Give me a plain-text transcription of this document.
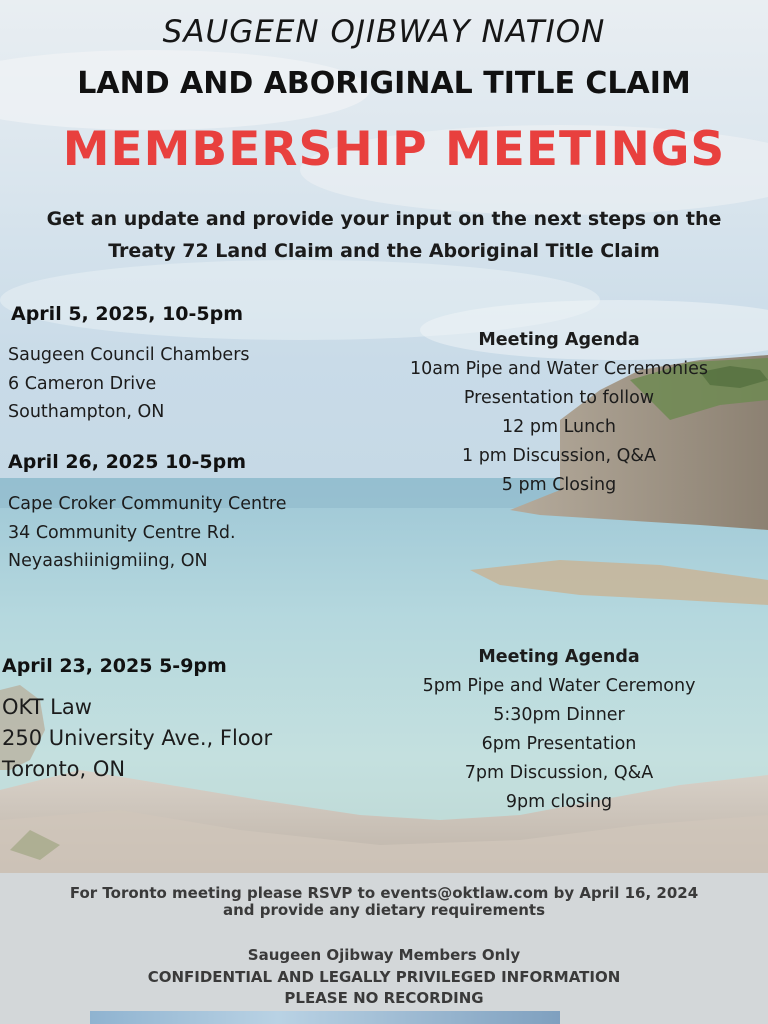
SAUGEEN OJIBWAY NATION
LAND AND ABORIGINAL TITLE CLAIM
MEMBERSHIP MEETINGS
Get an update and provide your input on the next steps on the
Treaty 72 Land Claim and the Aboriginal Title Claim
April 5, 2025, 10-5pm
Saugeen Council Chambers
6 Cameron Drive
Southampton, ON
April 26, 2025 10-5pm
Cape Croker Community Centre
34 Community Centre Rd.
Neyaashiinigmiing, ON
April 23, 2025 5-9pm
OKT Law
250 University Ave., Floor
Toronto, ON
Meeting Agenda
10am Pipe and Water Ceremonies
Presentation to follow
12 pm Lunch
1 pm Discussion, Q&A
5 pm Closing
Meeting Agenda
5pm Pipe and Water Ceremony
5:30pm Dinner
6pm Presentation
7pm Discussion, Q&A
9pm closing
For Toronto meeting please RSVP to events@oktlaw.com by April 16, 2024
and provide any dietary requirements
Saugeen Ojibway Members Only
CONFIDENTIAL AND LEGALLY PRIVILEGED INFORMATION
PLEASE NO RECORDING
